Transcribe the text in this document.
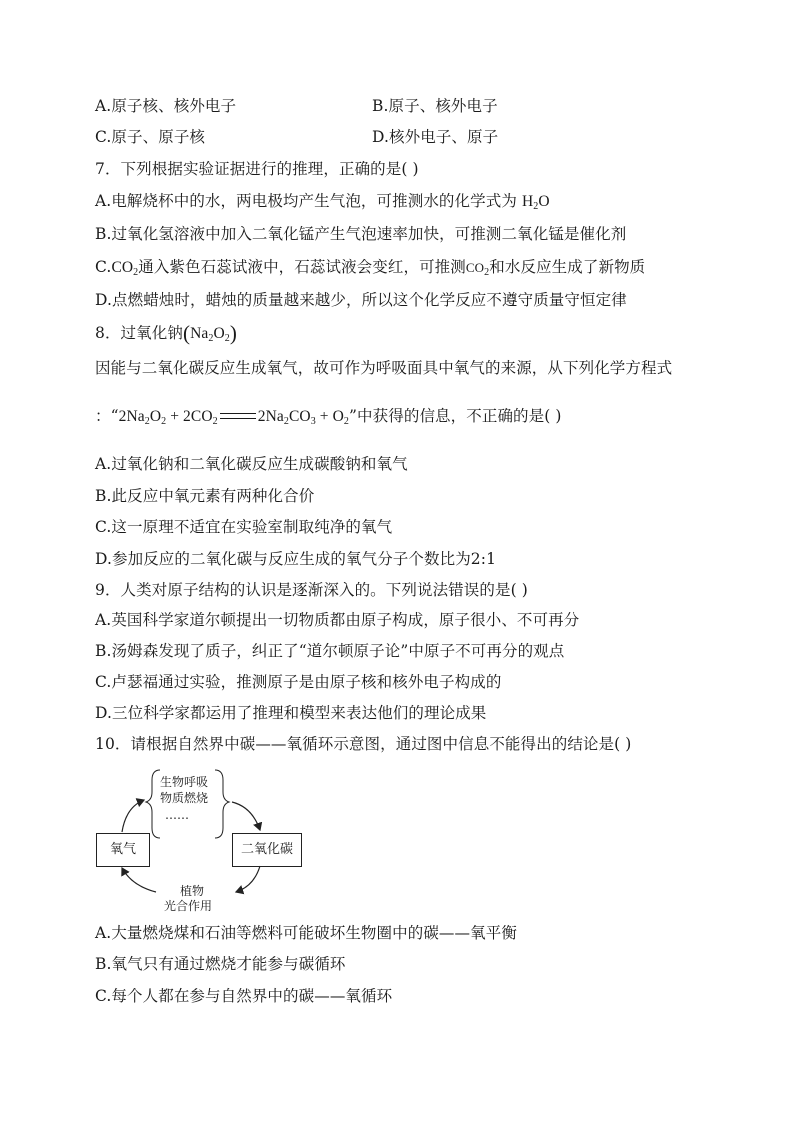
A.原子核、核外电子	B.原子、核外电子
C.原子、原子核	D.核外电子、原子
7．下列根据实验证据进行的推理，正确的是( )
A.电解烧杯中的水，两电极均产生气泡，可推测水的化学式为 $H_2O$
B.过氧化氢溶液中加入二氧化锰产生气泡速率加快，可推测二氧化锰是催化剂
$C.CO_2$通入紫色石蕊试液中，石蕊试液会变红，可推测$CO_2$和水反应生成了新物质
D.点燃蜡烛时，蜡烛的质量越来越少，所以这个化学反应不遵守质量守恒定律
8．过氧化钠$(Na_2O_2)$
因能与二氧化碳反应生成氧气，故可作为呼吸面具中氧气的来源，从下列化学方程式
：“$2Na_2O_2 + 2CO_2$	$2Na_2CO_3 + O_2$”中获得的信息，不正确的是( )
A.过氧化钠和二氧化碳反应生成碳酸钠和氧气
B.此反应中氧元素有两种化合价
C.这一原理不适宜在实验室制取纯净的氧气
D.参加反应的二氧化碳与反应生成的氧气分子个数比为2:1
9．人类对原子结构的认识是逐渐深入的。下列说法错误的是( )
A.英国科学家道尔顿提出一切物质都由原子构成，原子很小、不可再分
B.汤姆森发现了质子，纠正了“道尔顿原子论”中原子不可再分的观点
C.卢瑟福通过实验，推测原子是由原子核和核外电子构成的
D.三位科学家都运用了推理和模型来表达他们的理论成果
10．请根据自然界中碳——氧循环示意图，通过图中信息不能得出的结论是( )
生物呼吸
物质燃烧
……
氧气	二氧化碳
植物
光合作用
A.大量燃烧煤和石油等燃料可能破坏生物圈中的碳——氧平衡
B.氧气只有通过燃烧才能参与碳循环
C.每个人都在参与自然界中的碳——氧循环
